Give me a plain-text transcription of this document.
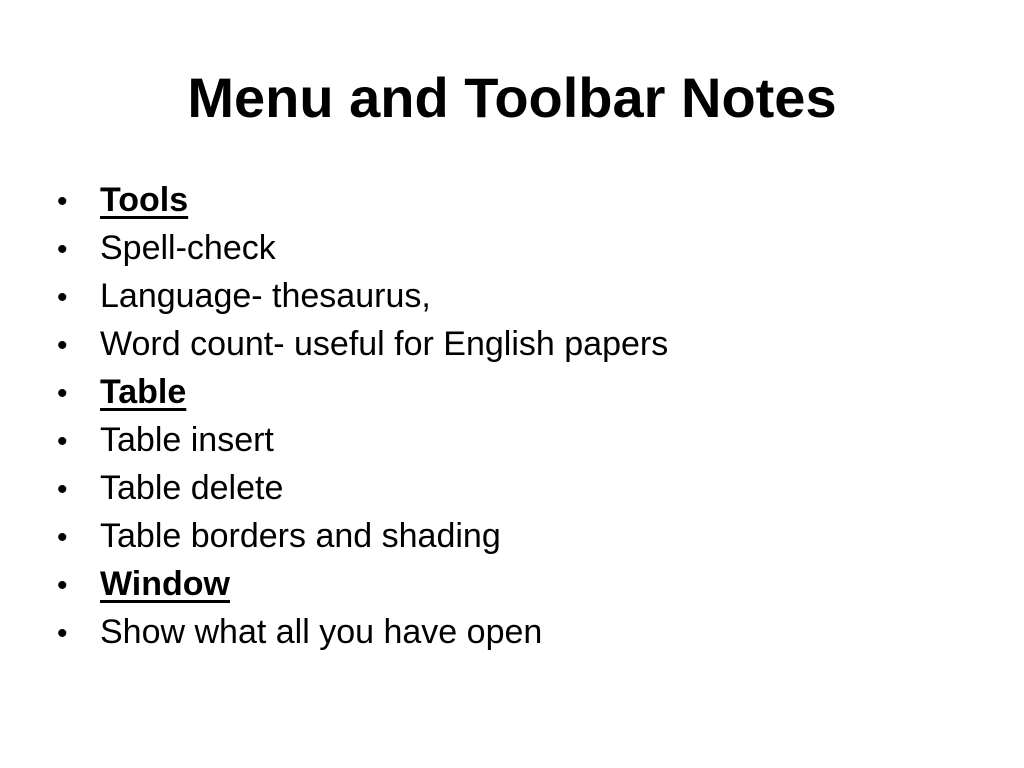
Menu and Toolbar Notes
• Tools
• Spell-check
• Language- thesaurus,
• Word count- useful for English papers
• Table
• Table insert
• Table delete
• Table borders and shading
• Window
• Show what all you have open
